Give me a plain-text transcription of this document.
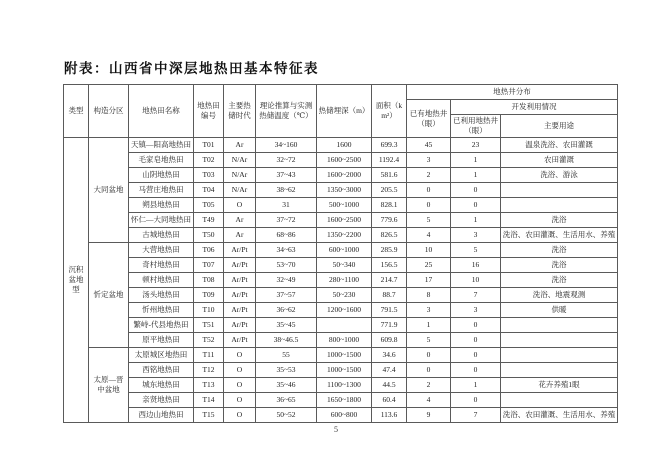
附表：山西省中深层地热田基本特征表
类型	构造分区	地热田名称	地热田编号	主要热储时代	理论推算与实测热储温度（℃）	热储埋深（m）	面积（km²）	地热井分布		
								已有地热井（眼）	开发利用情况	
									已利用地热井（眼）	主要用途
沉积盆地型	大同盆地	天镇—阳高地热田	T01	Ar	34~160	1600	699.3	45	23	温泉洗浴、农田灌溉
		毛家皂地热田	T02	N/Ar	32~72	1600~2500	1192.4	3	1	农田灌溉
		山阴地热田	T03	N/Ar	37~43	1600~2000	581.6	2	1	洗浴、游泳
		马营庄地热田	T04	N/Ar	38~62	1350~3000	205.5	0	0	
		朔县地热田	T05	O	31	500~1000	828.1	0	0	
		怀仁—大同地热田	T49	Ar	37~72	1600~2500	779.6	5	1	洗浴
		古城地热田	T50	Ar	68~86	1350~2200	826.5	4	3	洗浴、农田灌溉、生活用水、养殖
	忻定盆地	大营地热田	T06	Ar/Pt	34~63	600~1000	285.9	10	5	洗浴
		奇村地热田	T07	Ar/Pt	53~70	50~340	156.5	25	16	洗浴
		顿村地热田	T08	Ar/Pt	32~49	280~1100	214.7	17	10	洗浴
		汤头地热田	T09	Ar/Pt	37~57	50~230	88.7	8	7	洗浴、地震观测
		忻州地热田	T10	Ar/Pt	36~62	1200~1600	791.5	3	3	供暖
		繁峙-代县地热田	T51	Ar/Pt	35~45		771.9	1	0	
		原平地热田	T52	Ar/Pt	38~46.5	800~1000	609.8	5	0	
	太原—晋中盆地	太原城区地热田	T11	O	55	1000~1500	34.6	0	0	
		西铭地热田	T12	O	35~53	1000~1500	47.4	0	0	
		城东地热田	T13	O	35~46	1100~1300	44.5	2	1	花卉养殖1眼
		亲贤地热田	T14	O	36~65	1650~1800	60.4	4	0	
		西边山地热田	T15	O	50~52	600~800	113.6	9	7	洗浴、农田灌溉、生活用水、养殖
5
